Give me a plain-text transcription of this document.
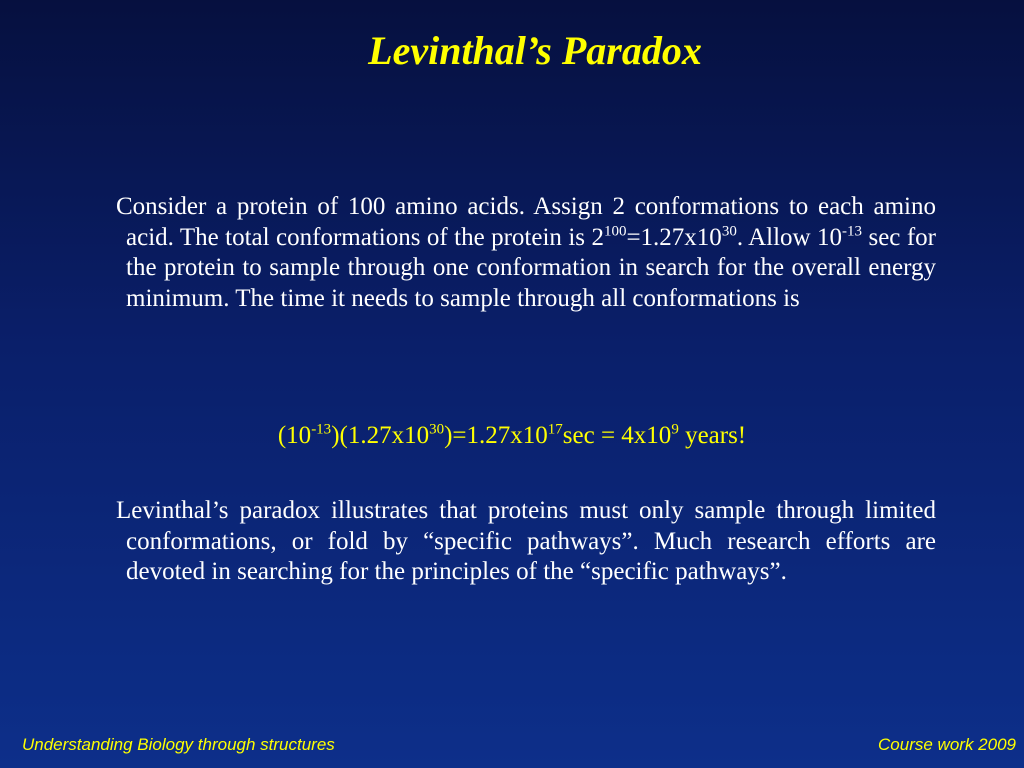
Levinthal’s Paradox
Consider a protein of 100 amino acids. Assign 2 conformations to each amino acid. The total conformations of the protein is $2^{100}=1.27x10^{30}$. Allow $10^{-13}$ sec for the protein to sample through one conformation in search for the overall energy minimum. The time it needs to sample through all conformations is
$(10^{-13})(1.27x10^{30})=1.27x10^{17}\sec = 4x10^9$ years!
Levinthal’s paradox illustrates that proteins must only sample through limited conformations, or fold by “specific pathways”. Much research efforts are devoted in searching for the principles of the “specific pathways”.
Understanding Biology through structures	Course work 2009
